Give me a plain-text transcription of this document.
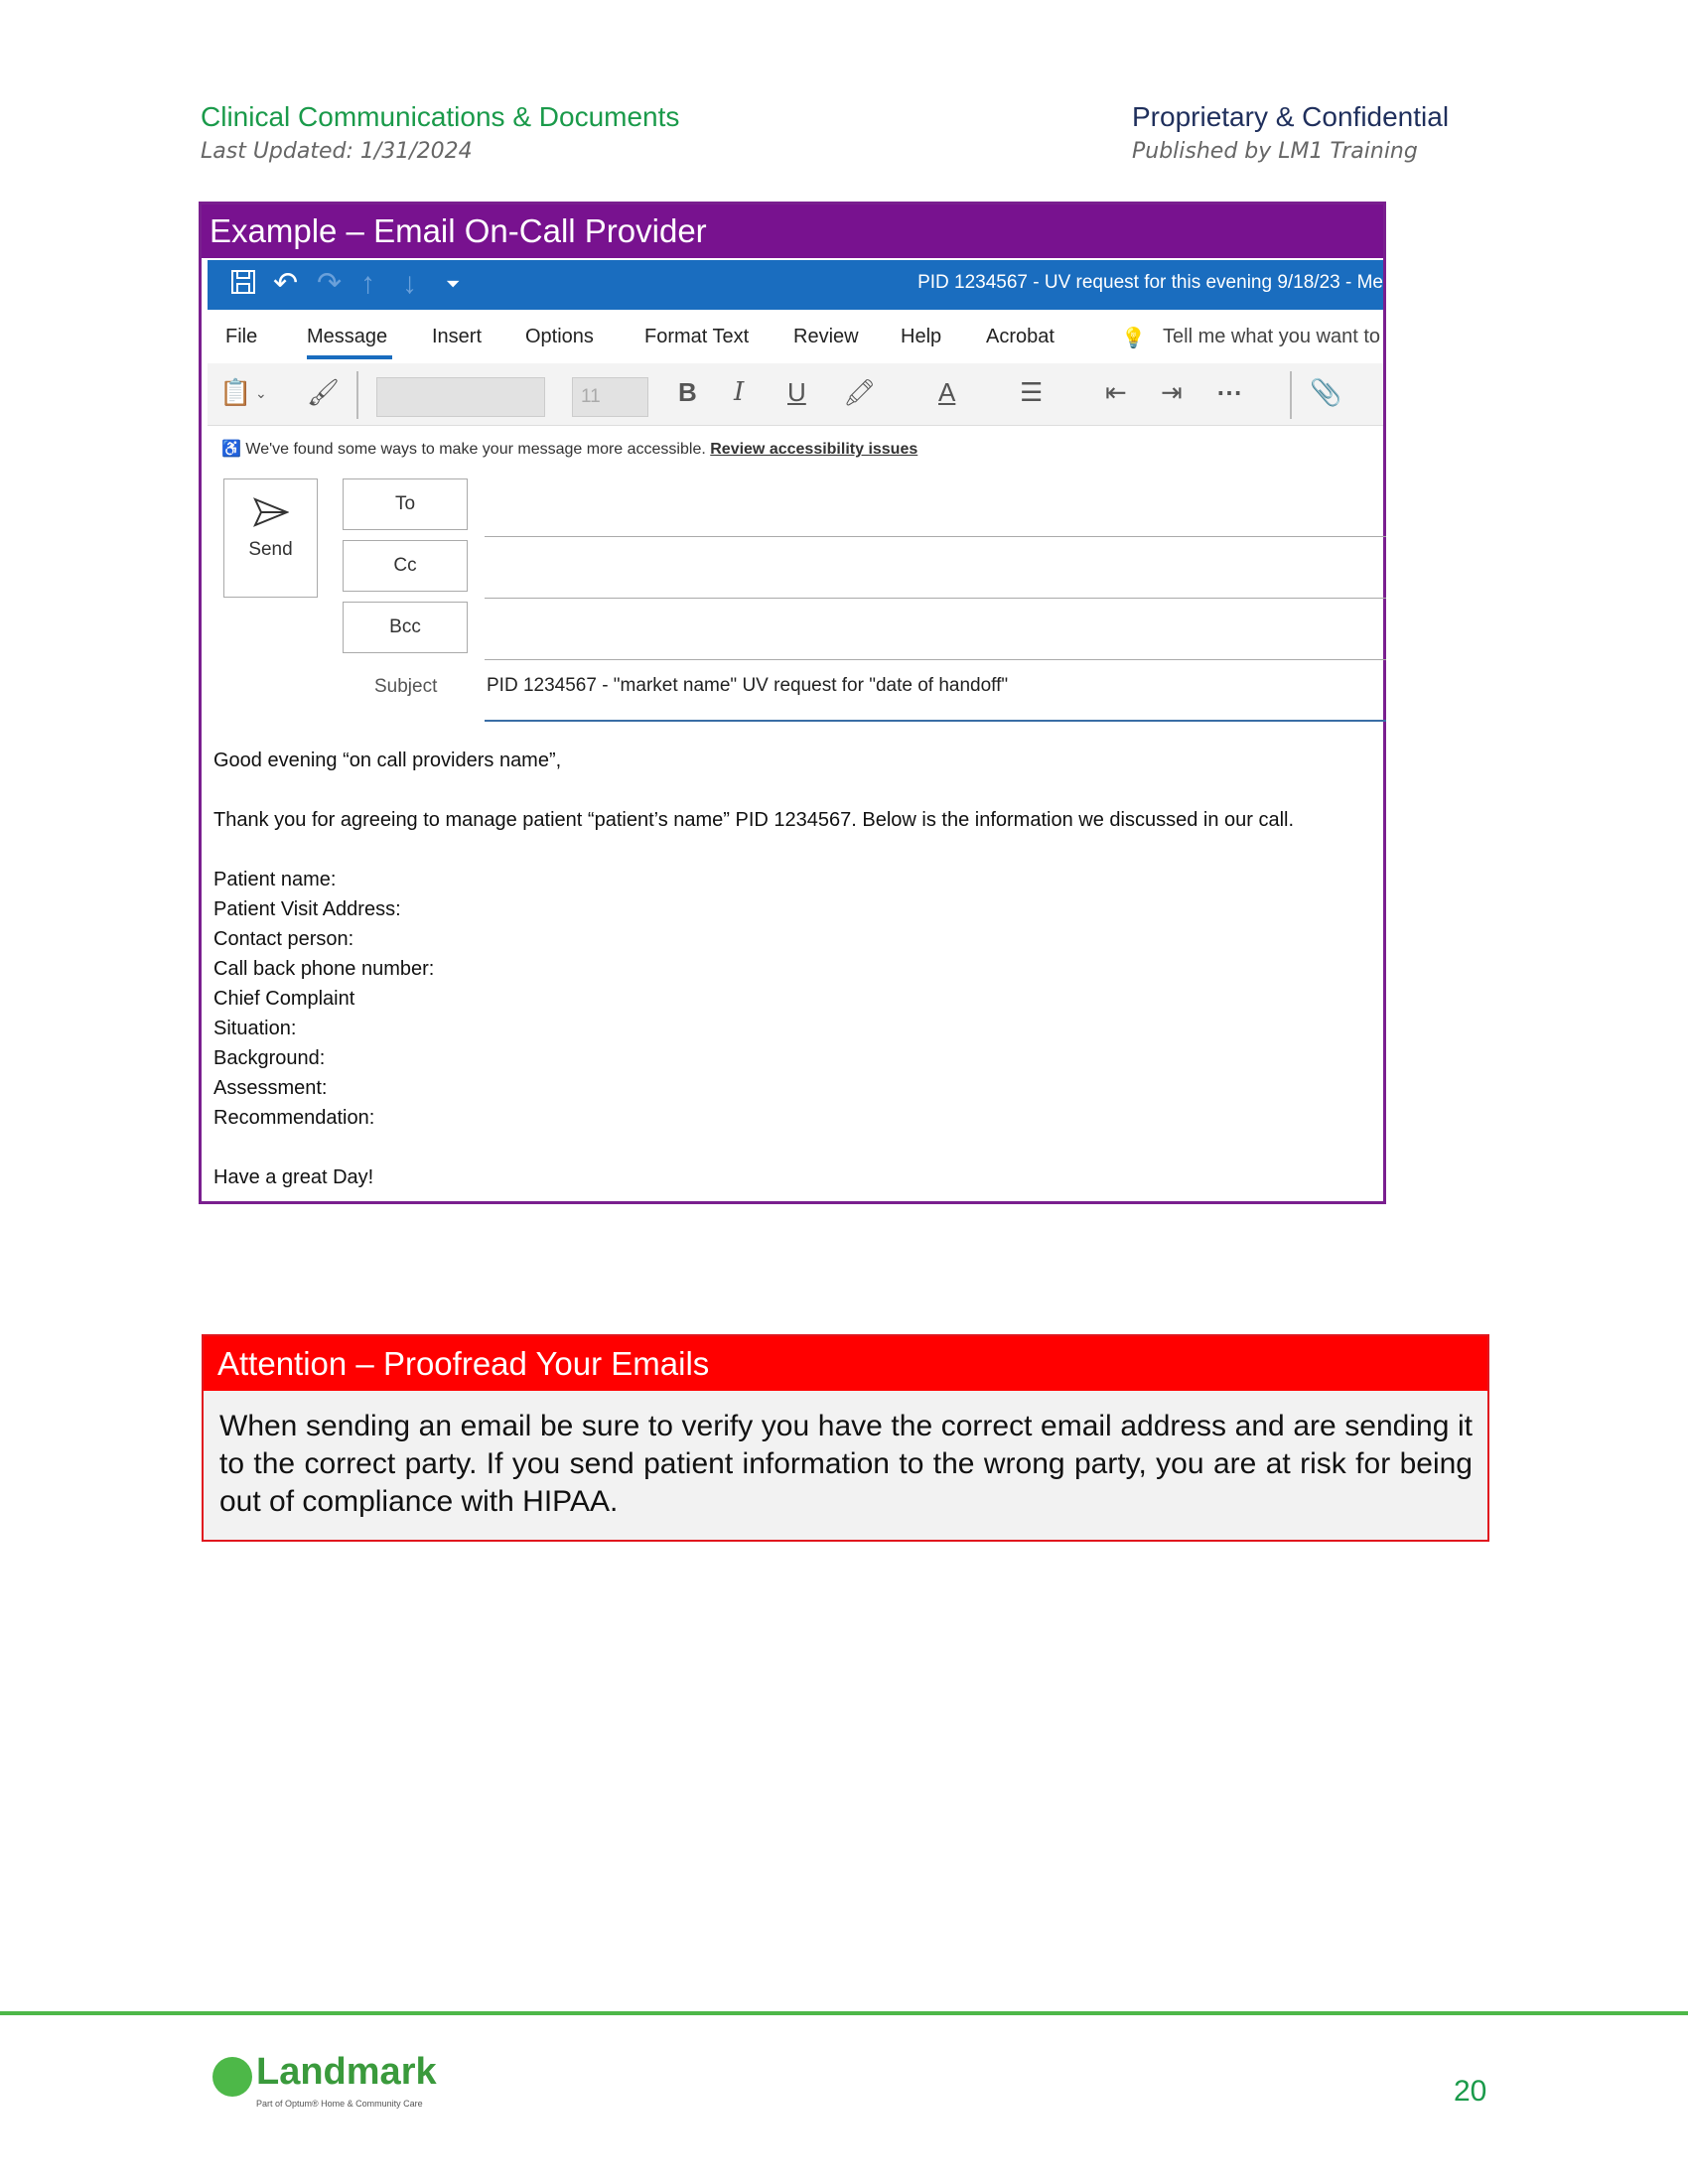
Clinical Communications & Documents
Last Updated: 1/31/2024
Proprietary & Confidential
Published by LM1 Training
Example – Email On-Call Provider
↶ ↷ ↑ ↓ ⏷	PID 1234567 - UV request for this evening 9/18/23 - Me
File Message Insert Options	Format Text Review Help Acrobat	💡 Tell me what you want to
📋 ⌄ 🖌	11	B I U 🖍 A ☰ ⇤ ⇥ ⋯	📎
♿ We've found some ways to make your message more accessible. Review accessibility issues
Send
To
Cc
Bcc
Subject	PID 1234567 - "market name" UV request for "date of handoff"
Good evening “on call providers name”,
Thank you for agreeing to manage patient “patient’s name” PID 1234567. Below is the information we discussed in our call.
Patient name:
Patient Visit Address:
Contact person:
Call back phone number:
Chief Complaint
Situation:
Background:
Assessment:
Recommendation:
Have a great Day!
Attention – Proofread Your Emails
When sending an email be sure to verify you have the correct email address and are sending it to the correct party. If you send patient information to the wrong party, you are at risk for being out of compliance with HIPAA.
Landmark
Part of Optum® Home & Community Care	20
